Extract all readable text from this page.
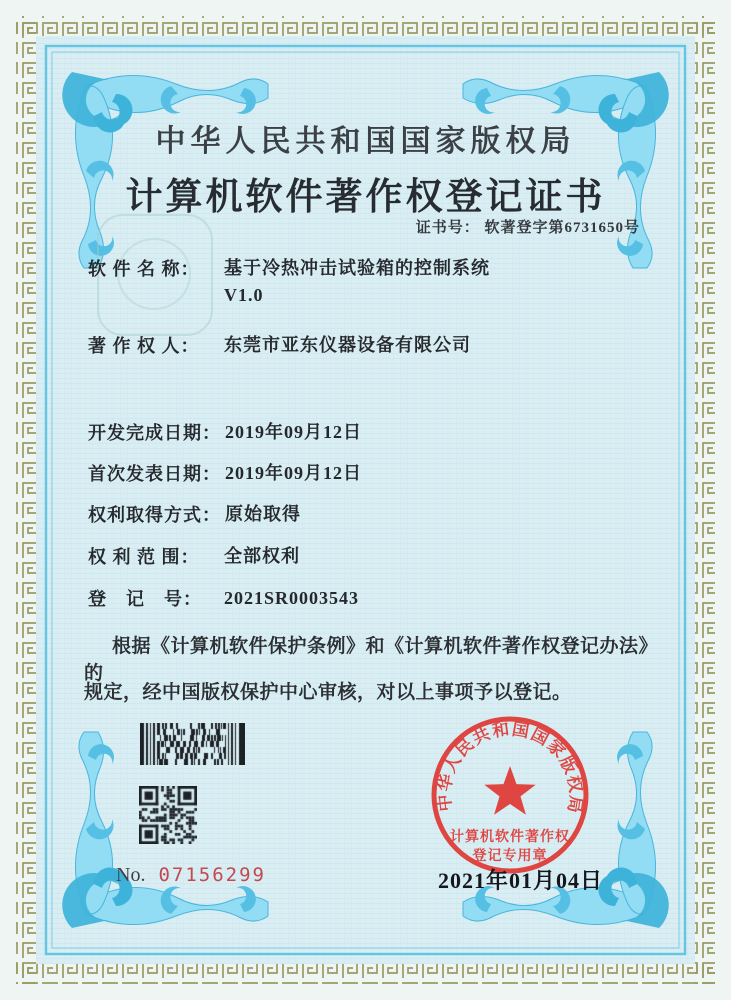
中华人民共和国国家版权局
计算机软件著作权登记证书
证书号： 软著登字第6731650号
软 件 名 称： 基于冷热冲击试验箱的控制系统
V1.0
著 作 权 人： 东莞市亚东仪器设备有限公司
开发完成日期： 2019年09月12日
首次发表日期： 2019年09月12日
权利取得方式： 原始取得
权 利 范 围： 全部权利
登　记　号： 2021SR0003543
根据《计算机软件保护条例》和《计算机软件著作权登记办法》的
规定，经中国版权保护中心审核，对以上事项予以登记。
No. 07156299
中华人民共和国国家版权局
计算机软件著作权
登记专用章
2021年01月04日
